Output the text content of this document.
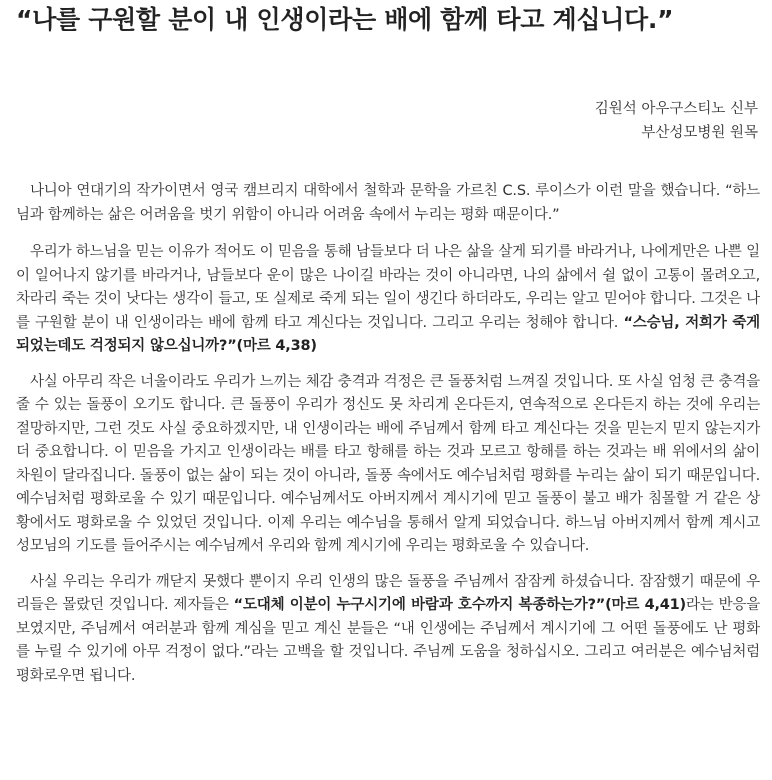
“나를 구원할 분이 내 인생이라는 배에 함께 타고 계십니다.”
김원석 아우구스티노 신부
부산성모병원 원목

나니아 연대기의 작가이면서 영국 캠브리지 대학에서 철학과 문학을 가르친 C.S. 루이스가 이런 말을 했습니다. “하느님과 함께하는 삶은 어려움을 벗기 위함이 아니라 어려움 속에서 누리는 평화 때문이다.”

우리가 하느님을 믿는 이유가 적어도 이 믿음을 통해 남들보다 더 나은 삶을 살게 되기를 바라거나, 나에게만은 나쁜 일이 일어나지 않기를 바라거나, 남들보다 운이 많은 나이길 바라는 것이 아니라면, 나의 삶에서 쉴 없이 고통이 몰려오고, 차라리 죽는 것이 낫다는 생각이 들고, 또 실제로 죽게 되는 일이 생긴다 하더라도, 우리는 알고 믿어야 합니다. 그것은 나를 구원할 분이 내 인생이라는 배에 함께 타고 계신다는 것입니다. 그리고 우리는 청해야 합니다. “스승님, 저희가 죽게 되었는데도 걱정되지 않으십니까?”(마르 4,38)

사실 아무리 작은 너울이라도 우리가 느끼는 체감 충격과 걱정은 큰 돌풍처럼 느껴질 것입니다. 또 사실 엄청 큰 충격을 줄 수 있는 돌풍이 오기도 합니다. 큰 돌풍이 우리가 정신도 못 차리게 온다든지, 연속적으로 온다든지 하는 것에 우리는 절망하지만, 그런 것도 사실 중요하겠지만, 내 인생이라는 배에 주님께서 함께 타고 계신다는 것을 믿는지 믿지 않는지가 더 중요합니다. 이 믿음을 가지고 인생이라는 배를 타고 항해를 하는 것과 모르고 항해를 하는 것과는 배 위에서의 삶이 차원이 달라집니다. 돌풍이 없는 삶이 되는 것이 아니라, 돌풍 속에서도 예수님처럼 평화를 누리는 삶이 되기 때문입니다. 예수님처럼 평화로울 수 있기 때문입니다. 예수님께서도 아버지께서 계시기에 믿고 돌풍이 불고 배가 침몰할 거 같은 상황에서도 평화로울 수 있었던 것입니다. 이제 우리는 예수님을 통해서 알게 되었습니다. 하느님 아버지께서 함께 계시고 성모님의 기도를 들어주시는 예수님께서 우리와 함께 계시기에 우리는 평화로울 수 있습니다.

사실 우리는 우리가 깨닫지 못했다 뿐이지 우리 인생의 많은 돌풍을 주님께서 잠잠케 하셨습니다. 잠잠했기 때문에 우리들은 몰랐던 것입니다. 제자들은 “도대체 이분이 누구시기에 바람과 호수까지 복종하는가?”(마르 4,41)라는 반응을 보였지만, 주님께서 여러분과 함께 계심을 믿고 계신 분들은 “내 인생에는 주님께서 계시기에 그 어떤 돌풍에도 난 평화를 누릴 수 있기에 아무 걱정이 없다.”라는 고백을 할 것입니다. 주님께 도움을 청하십시오. 그리고 여러분은 예수님처럼 평화로우면 됩니다.
